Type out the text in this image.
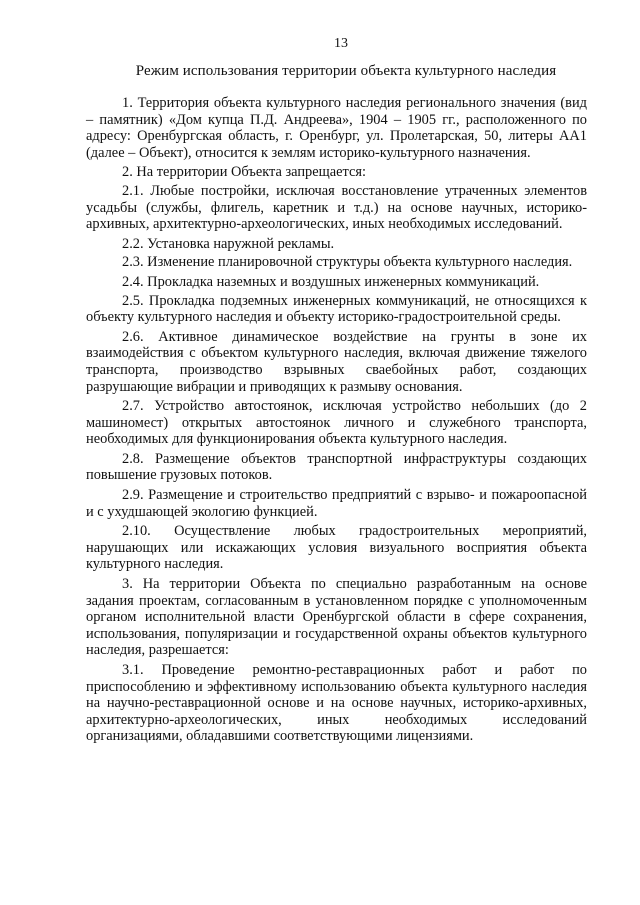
13
Режим использования территории объекта культурного наследия

1. Территория объекта культурного наследия регионального значения (вид – памятник) «Дом купца П.Д. Андреева», 1904 – 1905 гг., расположенного по адресу: Оренбургская область, г. Оренбург, ул. Пролетарская, 50, литеры АА1 (далее – Объект), относится к землям историко-культурного назначения.

2. На территории Объекта запрещается:

2.1. Любые постройки, исключая восстановление утраченных элементов усадьбы (службы, флигель, каретник и т.д.) на основе научных, историко-архивных, архитектурно-археологических, иных необходимых исследований.

2.2. Установка наружной рекламы.

2.3. Изменение планировочной структуры объекта культурного наследия.

2.4. Прокладка наземных и воздушных инженерных коммуникаций.

2.5. Прокладка подземных инженерных коммуникаций, не относящихся к объекту культурного наследия и объекту историко-градостроительной среды.

2.6. Активное динамическое воздействие на грунты в зоне их взаимодействия с объектом культурного наследия, включая движение тяжелого транспорта, производство взрывных сваебойных работ, создающих разрушающие вибрации и приводящих к размыву основания.

2.7. Устройство автостоянок, исключая устройство небольших (до 2 машиномест) открытых автостоянок личного и служебного транспорта, необходимых для функционирования объекта культурного наследия.

2.8. Размещение объектов транспортной инфраструктуры создающих повышение грузовых потоков.

2.9. Размещение и строительство предприятий с взрыво- и пожароопасной и с ухудшающей экологию функцией.

2.10. Осуществление любых градостроительных мероприятий, нарушающих или искажающих условия визуального восприятия объекта культурного наследия.

3. На территории Объекта по специально разработанным на основе задания проектам, согласованным в установленном порядке с уполномоченным органом исполнительной власти Оренбургской области в сфере сохранения, использования, популяризации и государственной охраны объектов культурного наследия, разрешается:

3.1. Проведение ремонтно-реставрационных работ и работ по приспособлению и эффективному использованию объекта культурного наследия на научно-реставрационной основе и на основе научных, историко-архивных, архитектурно-археологических, иных необходимых исследований организациями, обладавшими соответствующими лицензиями.
